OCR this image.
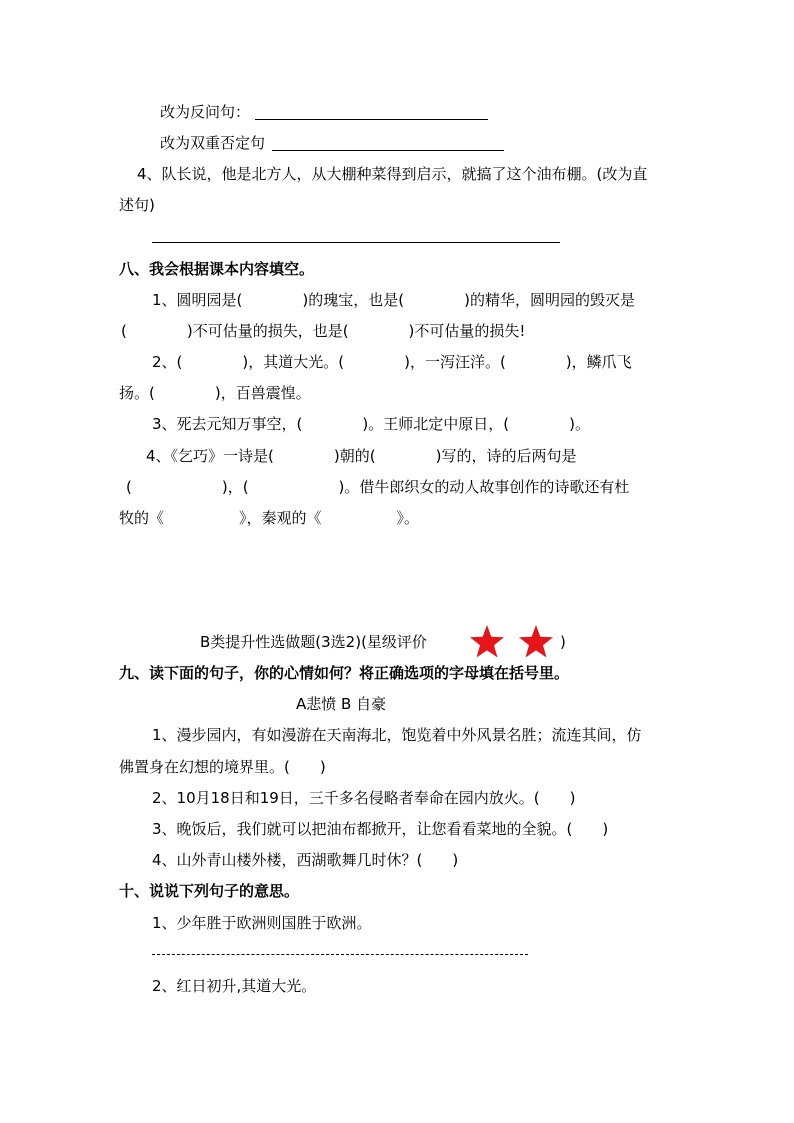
改为反问句：
改为双重否定句
4、队长说，他是北方人，从大棚种菜得到启示，就搞了这个油布棚。(改为直
述句)
八、我会根据课本内容填空。
1、圆明园是(　　　　)的瑰宝，也是(　　　　)的精华，圆明园的毁灭是
(　　　　)不可估量的损失，也是(　　　　)不可估量的损失!
2、(　　　　)，其道大光。(　　　　)，一泻汪洋。(　　　　)，鳞爪飞
扬。(　　　　)，百兽震惶。
3、死去元知万事空，(　　　　)。王师北定中原日，(　　　　)。
4、《乞巧》一诗是(　　　　)朝的(　　　　)写的，诗的后两句是
(　　　　　　)，(　　　　　　)。借牛郎织女的动人故事创作的诗歌还有杜
牧的《　　　　　》，秦观的《　　　　　》。
B类提升性选做题(3选2)(星级评价	)
九、读下面的句子，你的心情如何？将正确选项的字母填在括号里。
A悲愤 B 自豪
1、漫步园内，有如漫游在天南海北，饱览着中外风景名胜；流连其间，仿
佛置身在幻想的境界里。(　　)
2、10月18日和19日，三千多名侵略者奉命在园内放火。(　　)
3、晚饭后，我们就可以把油布都掀开，让您看看菜地的全貌。(　　)
4、山外青山楼外楼，西湖歌舞几时休？(　　)
十、说说下列句子的意思。
1、少年胜于欧洲则国胜于欧洲。
2、红日初升,其道大光。
